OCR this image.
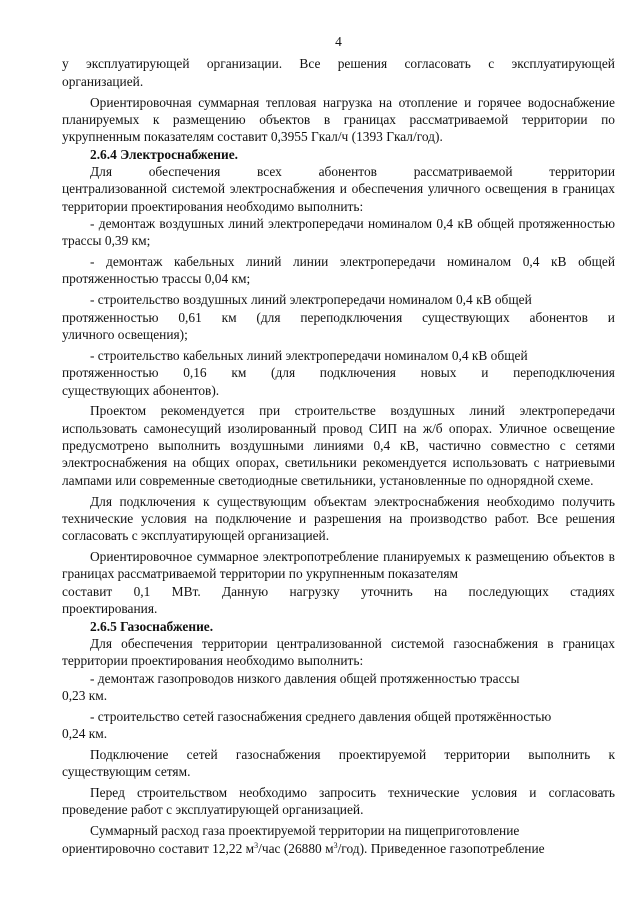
4
у эксплуатирующей организации. Все решения согласовать с эксплуатирующей

организацией.

Ориентировочная суммарная тепловая нагрузка на отопление и горячее водоснабжение планируемых к размещению объектов в границах рассматриваемой территории по укрупненным показателям составит 0,3955 Гкал/ч (1393 Гкал/год).

2.6.4 Электроснабжение.
Для	обеспечения	всех	абонентов	рассматриваемой	территории

централизованной системой электроснабжения и обеспечения уличного освещения в границах территории проектирования необходимо выполнить:

- демонтаж воздушных линий электропередачи номиналом 0,4 кВ общей протяженностью трассы 0,39 км;

- демонтаж кабельных линий линии электропередачи номиналом 0,4 кВ общей протяженностью трассы 0,04 км;

- строительство воздушных линий электропередачи номиналом 0,4 кВ общей

протяженностью 0,61 км (для переподключения существующих абонентов и

уличного освещения);

- строительство кабельных линий электропередачи номиналом 0,4 кВ общей

протяженностью 0,16 км (для подключения новых и переподключения

существующих абонентов).

Проектом рекомендуется при строительстве воздушных линий электропередачи использовать самонесущий изолированный провод СИП на ж/б опорах. Уличное освещение предусмотрено выполнить воздушными линиями 0,4 кВ, частично совместно с сетями электроснабжения на общих опорах, светильники рекомендуется использовать с натриевыми лампами или современные светодиодные светильники, установленные по однорядной схеме.

Для подключения к существующим объектам электроснабжения необходимо получить технические условия на подключение и разрешения на производство работ. Все решения согласовать с эксплуатирующей организацией.

Ориентировочное суммарное электропотребление планируемых к размещению объектов в границах рассматриваемой территории по укрупненным показателям

составит 0,1 МВт. Данную нагрузку уточнить на последующих стадиях

проектирования.

2.6.5 Газоснабжение.

Для обеспечения территории централизованной системой газоснабжения в границах территории проектирования необходимо выполнить:

- демонтаж газопроводов низкого давления общей протяженностью трассы

0,23 км.

- строительство сетей газоснабжения среднего давления общей протяжённостью

0,24 км.

Подключение сетей газоснабжения проектируемой территории выполнить к существующим сетям.

Перед строительством необходимо запросить технические условия и согласовать проведение работ с эксплуатирующей организацией.

Суммарный расход газа проектируемой территории на пищеприготовление

ориентировочно составит 12,22 $м^3$/час (26880 $м^3/год$). Приведенное газопотребление
